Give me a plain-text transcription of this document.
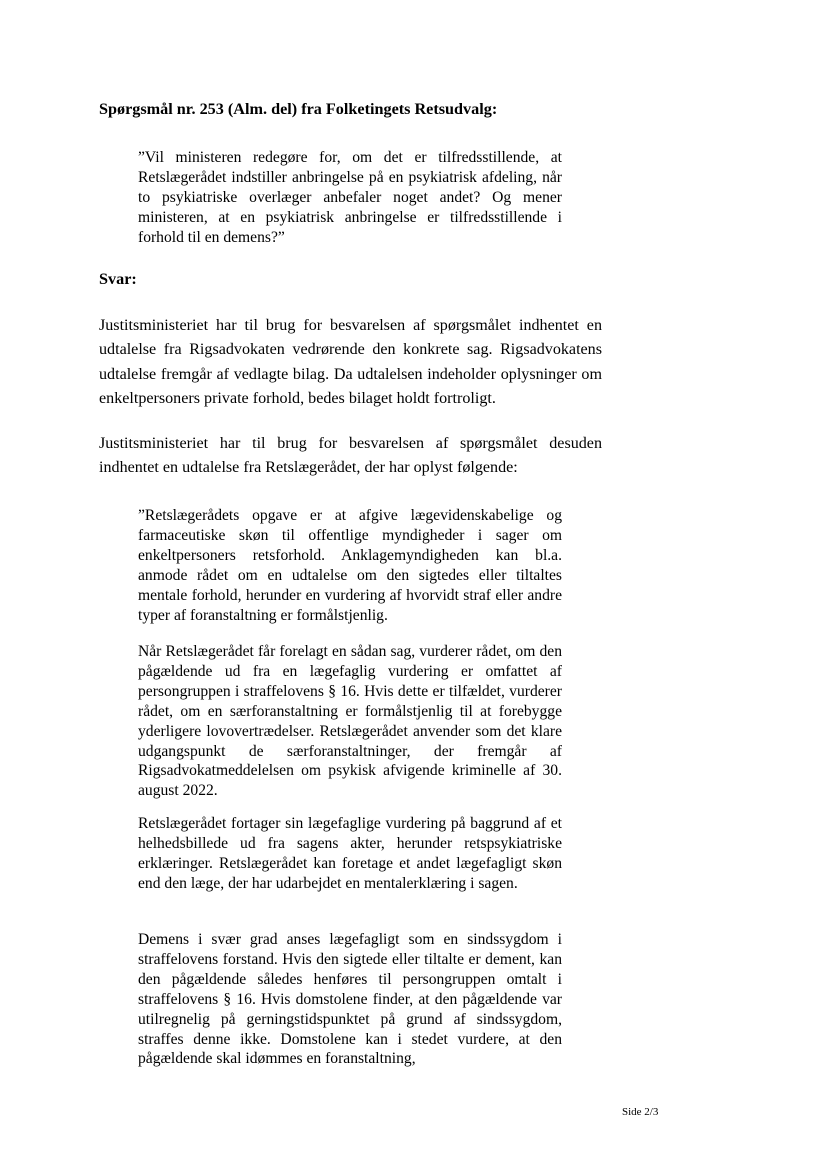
Spørgsmål nr. 253 (Alm. del) fra Folketingets Retsudvalg:

”Vil ministeren redegøre for, om det er tilfredsstillende, at Retslægerådet indstiller anbringelse på en psykiatrisk afdeling, når to psykiatriske overlæger anbefaler noget andet? Og mener ministeren, at en psykiatrisk anbringelse er tilfredsstillende i forhold til en demens?”

Svar:

Justitsministeriet har til brug for besvarelsen af spørgsmålet indhentet en udtalelse fra Rigsadvokaten vedrørende den konkrete sag. Rigsadvokatens udtalelse fremgår af vedlagte bilag. Da udtalelsen indeholder oplysninger om enkeltpersoners private forhold, bedes bilaget holdt fortroligt.

Justitsministeriet har til brug for besvarelsen af spørgsmålet desuden indhentet en udtalelse fra Retslægerådet, der har oplyst følgende:

”Retslægerådets opgave er at afgive lægevidenskabelige og farmaceutiske skøn til offentlige myndigheder i sager om enkeltpersoners retsforhold. Anklagemyndigheden kan bl.a. anmode rådet om en udtalelse om den sigtedes eller tiltaltes mentale forhold, herunder en vurdering af hvorvidt straf eller andre typer af foranstaltning er formålstjenlig.

Når Retslægerådet får forelagt en sådan sag, vurderer rådet, om den pågældende ud fra en lægefaglig vurdering er omfattet af persongruppen i straffelovens § 16. Hvis dette er tilfældet, vurderer rådet, om en særforanstaltning er formålstjenlig til at forebygge yderligere lovovertrædelser. Retslægerådet anvender som det klare udgangspunkt de særforanstaltninger, der fremgår af Rigsadvokatmeddelelsen om psykisk afvigende kriminelle af 30. august 2022.

Retslægerådet fortager sin lægefaglige vurdering på baggrund af et helhedsbillede ud fra sagens akter, herunder retspsykiatriske erklæringer. Retslægerådet kan foretage et andet lægefagligt skøn end den læge, der har udarbejdet en mentalerklæring i sagen.

Demens i svær grad anses lægefagligt som en sindssygdom i straffelovens forstand. Hvis den sigtede eller tiltalte er dement, kan den pågældende således henføres til persongruppen omtalt i straffelovens § 16. Hvis domstolene finder, at den pågældende var utilregnelig på gerningstidspunktet på grund af sindssygdom, straffes denne ikke. Domstolene kan i stedet vurdere, at den pågældende skal idømmes en foranstaltning,

Side 2/3
